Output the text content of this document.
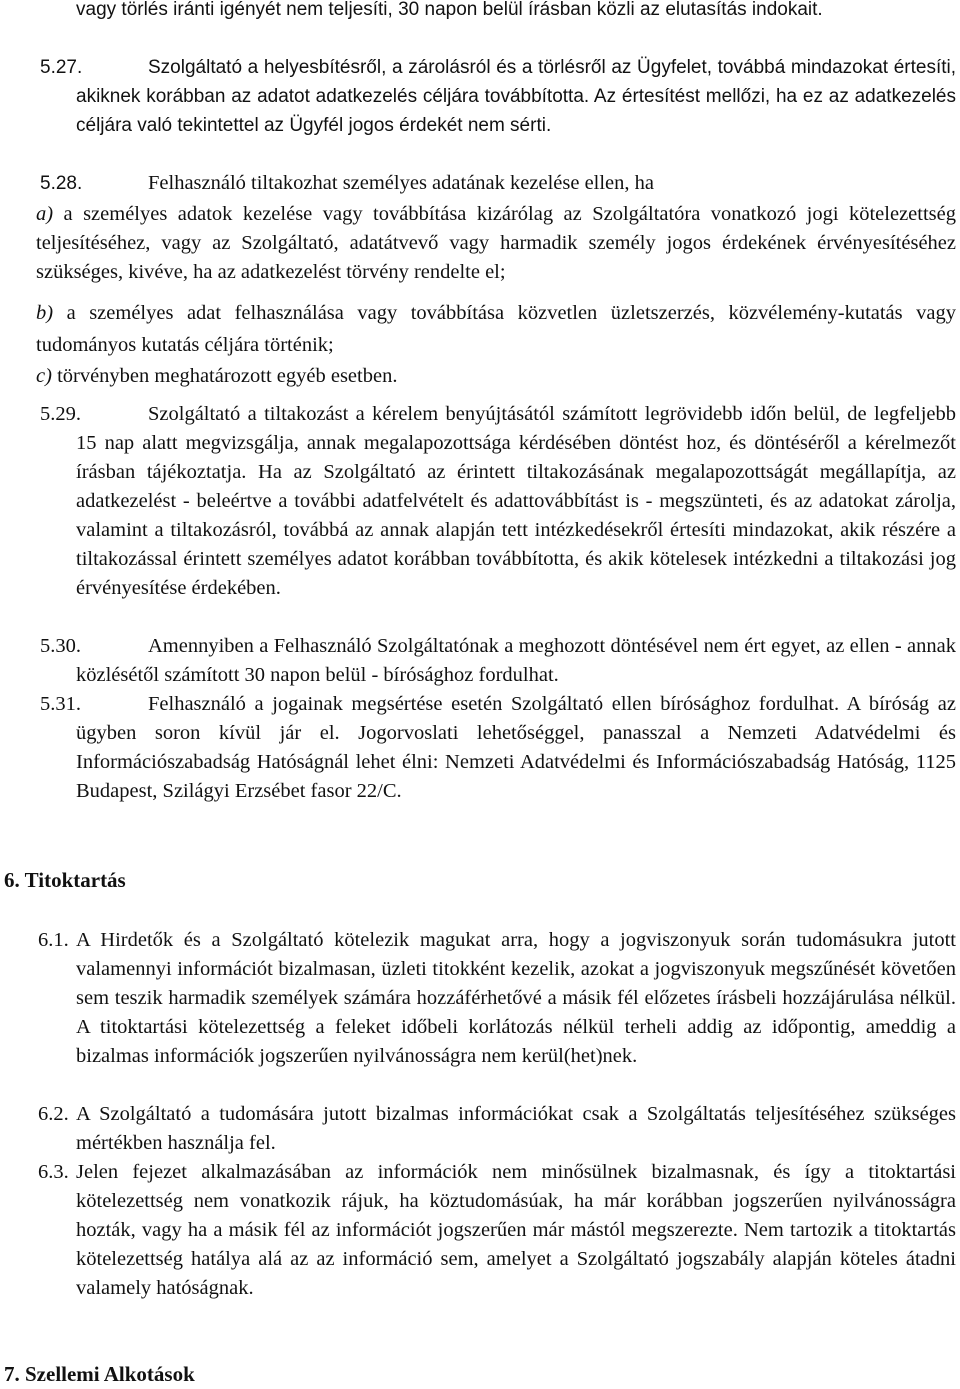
vagy törlés iránti igényét nem teljesíti, 30 napon belül írásban közli az elutasítás indokait.
5.27.	Szolgáltató a helyesbítésről, a zárolásról és a törlésről az Ügyfelet, továbbá mindazokat értesíti, akiknek korábban az adatot adatkezelés céljára továbbította. Az értesítést mellőzi, ha ez az adatkezelés céljára való tekintettel az Ügyfél jogos érdekét nem sérti.
5.28.	Felhasználó tiltakozhat személyes adatának kezelése ellen, ha
a) a személyes adatok kezelése vagy továbbítása kizárólag az Szolgáltatóra vonatkozó jogi kötelezettség teljesítéséhez, vagy az Szolgáltató, adatátvevő vagy harmadik személy jogos érdekének érvényesítéséhez szükséges, kivéve, ha az adatkezelést törvény rendelte el;
b) a személyes adat felhasználása vagy továbbítása közvetlen üzletszerzés, közvélemény-kutatás vagy tudományos kutatás céljára történik;
c) törvényben meghatározott egyéb esetben.
5.29.	Szolgáltató a tiltakozást a kérelem benyújtásától számított legrövidebb időn belül, de legfeljebb 15 nap alatt megvizsgálja, annak megalapozottsága kérdésében döntést hoz, és döntéséről a kérelmezőt írásban tájékoztatja. Ha az Szolgáltató az érintett tiltakozásának megalapozottságát megállapítja, az adatkezelést - beleértve a további adatfelvételt és adattovábbítást is - megszünteti, és az adatokat zárolja, valamint a tiltakozásról, továbbá az annak alapján tett intézkedésekről értesíti mindazokat, akik részére a tiltakozással érintett személyes adatot korábban továbbította, és akik kötelesek intézkedni a tiltakozási jog érvényesítése érdekében.
5.30.	Amennyiben a Felhasználó Szolgáltatónak a meghozott döntésével nem ért egyet, az ellen - annak közlésétől számított 30 napon belül - bírósághoz fordulhat.
5.31.	Felhasználó a jogainak megsértése esetén Szolgáltató ellen bírósághoz fordulhat. A bíróság az ügyben soron kívül jár el. Jogorvoslati lehetőséggel, panasszal a Nemzeti Adatvédelmi és Információszabadság Hatóságnál lehet élni: Nemzeti Adatvédelmi és Információszabadság Hatóság, 1125 Budapest, Szilágyi Erzsébet fasor 22/C.
6. Titoktartás
6.1. A Hirdetők és a Szolgáltató kötelezik magukat arra, hogy a jogviszonyuk során tudomásukra jutott valamennyi információt bizalmasan, üzleti titokként kezelik, azokat a jogviszonyuk megszűnését követően sem teszik harmadik személyek számára hozzáférhetővé a másik fél előzetes írásbeli hozzájárulása nélkül. A titoktartási kötelezettség a feleket időbeli korlátozás nélkül terheli addig az időpontig, ameddig a bizalmas információk jogszerűen nyilvánosságra nem kerül(het)nek.
6.2. A Szolgáltató a tudomására jutott bizalmas információkat csak a Szolgáltatás teljesítéséhez szükséges mértékben használja fel.
6.3. Jelen fejezet alkalmazásában az információk nem minősülnek bizalmasnak, és így a titoktartási kötelezettség nem vonatkozik rájuk, ha köztudomásúak, ha már korábban jogszerűen nyilvánosságra hozták, vagy ha a másik fél az információt jogszerűen már mástól megszerezte. Nem tartozik a titoktartás kötelezettség hatálya alá az az információ sem, amelyet a Szolgáltató jogszabály alapján köteles átadni valamely hatóságnak.
7. Szellemi Alkotások
